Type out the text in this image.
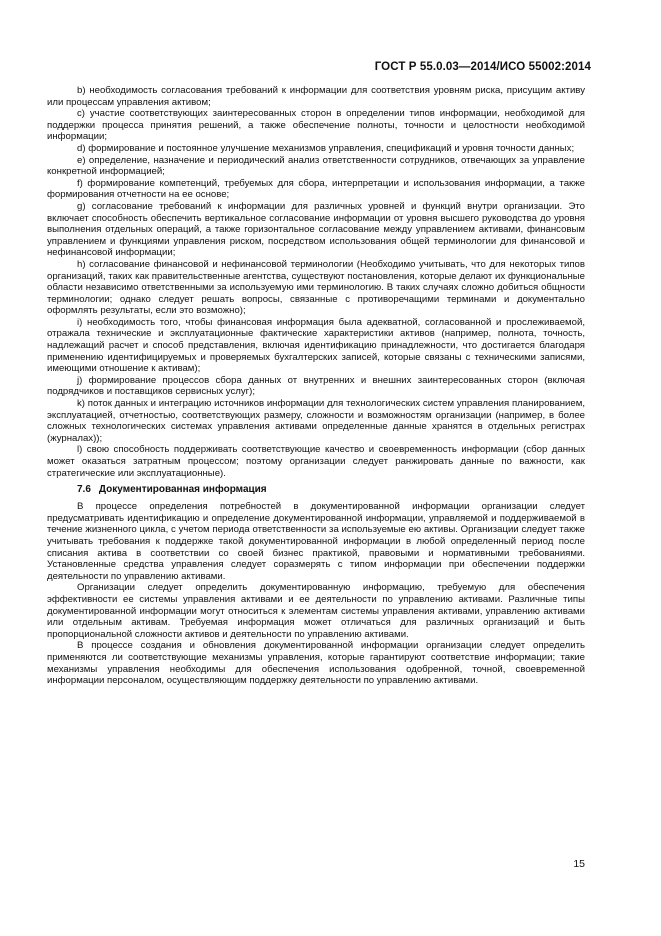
ГОСТ Р 55.0.03—2014/ИСО 55002:2014

b) необходимость согласования требований к информации для соответствия уровням риска, присущим активу или процессам управления активом;

c) участие соответствующих заинтересованных сторон в определении типов информации, необходимой для поддержки процесса принятия решений, а также обеспечение полноты, точности и целостности необходимой информации;

d) формирование и постоянное улучшение механизмов управления, спецификаций и уровня точности данных;

e) определение, назначение и периодический анализ ответственности сотрудников, отвечающих за управление конкретной информацией;

f) формирование компетенций, требуемых для сбора, интерпретации и использования информации, а также формирования отчетности на ее основе;

g) согласование требований к информации для различных уровней и функций внутри организации. Это включает способность обеспечить вертикальное согласование информации от уровня высшего руководства до уровня выполнения отдельных операций, а также горизонтальное согласование между управлением активами, финансовым управлением и функциями управления риском, посредством использования общей терминологии для финансовой и нефинансовой информации;

h) согласование финансовой и нефинансовой терминологии (Необходимо учитывать, что для некоторых типов организаций, таких как правительственные агентства, существуют постановления, которые делают их функциональные области независимо ответственными за используемую ими терминологию. В таких случаях сложно добиться общности терминологии; однако следует решать вопросы, связанные с противоречащими терминами и документально оформлять результаты, если это возможно);

i) необходимость того, чтобы финансовая информация была адекватной, согласованной и прослеживаемой, отражала технические и эксплуатационные фактические характеристики активов (например, полнота, точность, надлежащий расчет и способ представления, включая идентификацию принадлежности, что достигается благодаря применению идентифицируемых и проверяемых бухгалтерских записей, которые связаны с техническими записями, имеющими отношение к активам);

j) формирование процессов сбора данных от внутренних и внешних заинтересованных сторон (включая подрядчиков и поставщиков сервисных услуг);

k) поток данных и интеграцию источников информации для технологических систем управления планированием, эксплуатацией, отчетностью, соответствующих размеру, сложности и возможностям организации (например, в более сложных технологических системах управления активами определенные данные хранятся в отдельных регистрах (журналах));

l) свою способность поддерживать соответствующие качество и своевременность информации (сбор данных может оказаться затратным процессом; поэтому организации следует ранжировать данные по важности, как стратегические или эксплуатационные).

7.6 Документированная информация

В процессе определения потребностей в документированной информации организации следует предусматривать идентификацию и определение документированной информации, управляемой и поддерживаемой в течение жизненного цикла, с учетом периода ответственности за используемые ею активы. Организации следует также учитывать требования к поддержке такой документированной информации в любой определенный период после списания актива в соответствии со своей бизнес практикой, правовыми и нормативными требованиями. Установленные средства управления следует соразмерять с типом информации при обеспечении поддержки деятельности по управлению активами.

Организации следует определить документированную информацию, требуемую для обеспечения эффективности ее системы управления активами и ее деятельности по управлению активами. Различные типы документированной информации могут относиться к элементам системы управления активами, управлению активами или отдельным активам. Требуемая информация может отличаться для различных организаций и быть пропорциональной сложности активов и деятельности по управлению активами.

В процессе создания и обновления документированной информации организации следует определить применяются ли соответствующие механизмы управления, которые гарантируют соответствие информации; такие механизмы управления необходимы для обеспечения использования одобренной, точной, своевременной информации персоналом, осуществляющим поддержку деятельности по управлению активами.

15
